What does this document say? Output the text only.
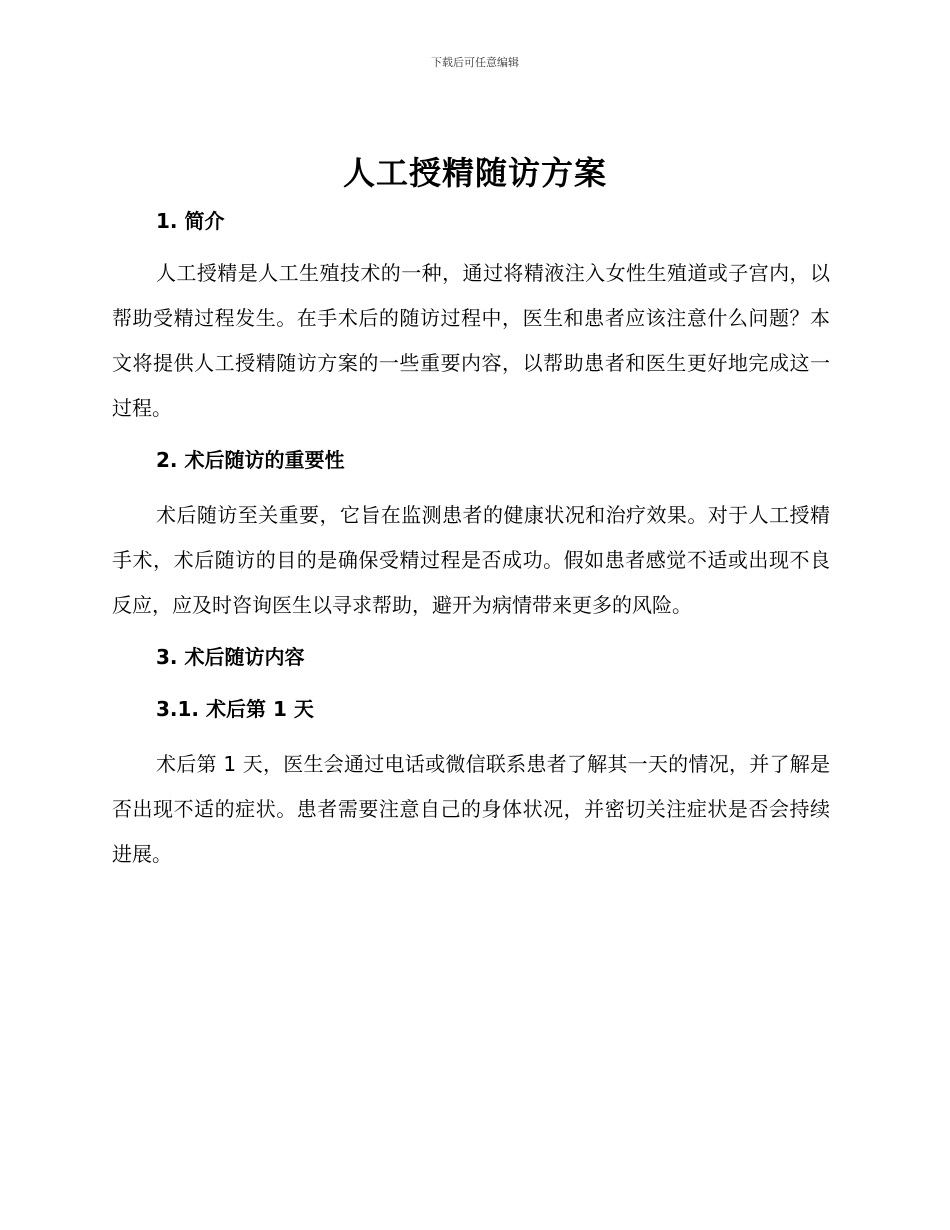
下载后可任意编辑
人工授精随访方案
1. 简介

人工授精是人工生殖技术的一种，通过将精液注入女性生殖道或子宫内，以帮助受精过程发生。在手术后的随访过程中，医生和患者应该注意什么问题？本文将提供人工授精随访方案的一些重要内容，以帮助患者和医生更好地完成这一过程。

2. 术后随访的重要性

术后随访至关重要，它旨在监测患者的健康状况和治疗效果。对于人工授精手术，术后随访的目的是确保受精过程是否成功。假如患者感觉不适或出现不良反应，应及时咨询医生以寻求帮助，避开为病情带来更多的风险。

3. 术后随访内容
3.1. 术后第 1 天

术后第 1 天，医生会通过电话或微信联系患者了解其一天的情况，并了解是否出现不适的症状。患者需要注意自己的身体状况，并密切关注症状是否会持续进展。
